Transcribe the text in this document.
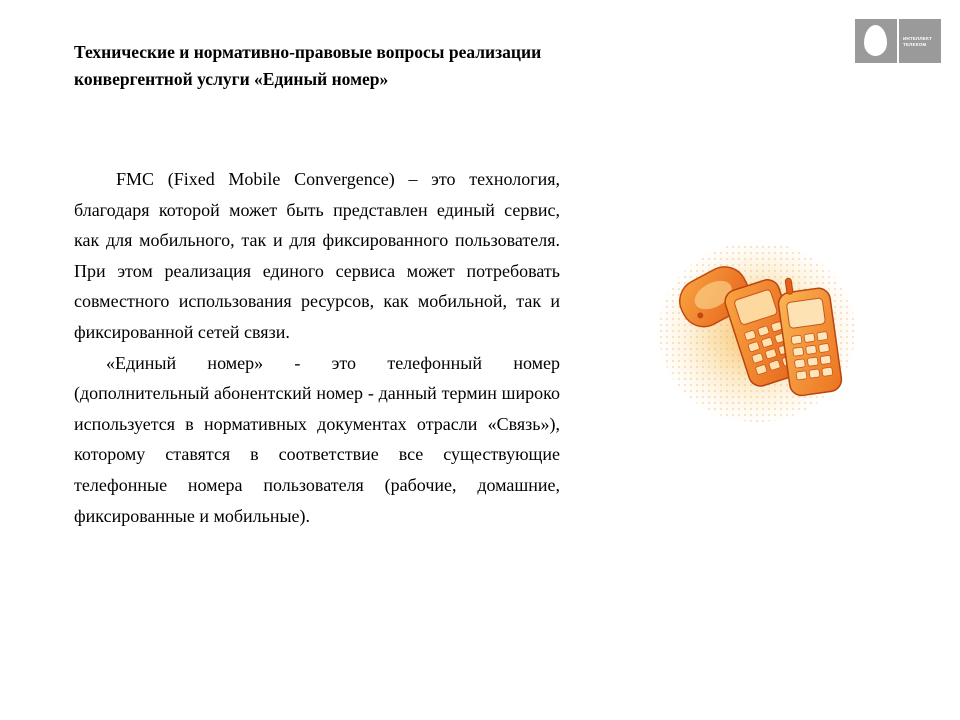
Технические и нормативно-правовые вопросы реализации
конвергентной услуги «Единый номер»
ИНТЕЛЛЕКТ
ТЕЛЕКОМ

FMC (Fixed Mobile Convergence) – это технология, благодаря которой может быть представлен единый сервис, как для мобильного, так и для фиксированного пользователя. При этом реализация единого сервиса может потребовать совместного использования ресурсов, как мобильной, так и фиксированной сетей связи.

«Единый номер» - это телефонный номер (дополнительный абонентский номер - данный термин широко используется в нормативных документах отрасли «Связь»), которому ставятся в соответствие все существующие телефонные номера пользователя (рабочие, домашние, фиксированные и мобильные).
